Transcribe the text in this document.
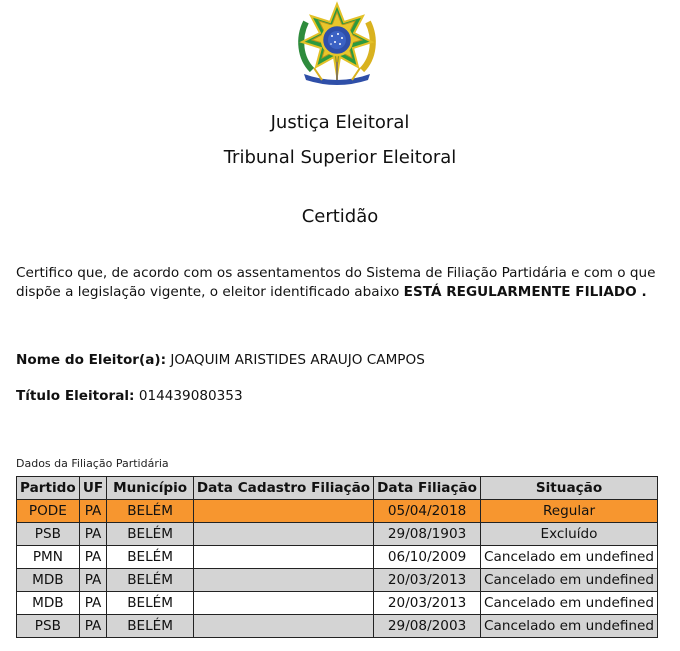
Justiça Eleitoral
Tribunal Superior Eleitoral
Certidão
Certifico que, de acordo com os assentamentos do Sistema de Filiação Partidária e com o que dispõe a legislação vigente, o eleitor identificado abaixo ESTÁ REGULARMENTE FILIADO .
Nome do Eleitor(a): JOAQUIM ARISTIDES ARAUJO CAMPOS
Título Eleitoral: 014439080353
Dados da Filiação Partidária
Partido	UF	Município	Data Cadastro Filiação	Data Filiação	Situação
PODE	PA	BELÉM		05/04/2018	Regular
PSB	PA	BELÉM		29/08/1903	Excluído
PMN	PA	BELÉM		06/10/2009	Cancelado em undefined
MDB	PA	BELÉM		20/03/2013	Cancelado em undefined
MDB	PA	BELÉM		20/03/2013	Cancelado em undefined
PSB	PA	BELÉM		29/08/2003	Cancelado em undefined
